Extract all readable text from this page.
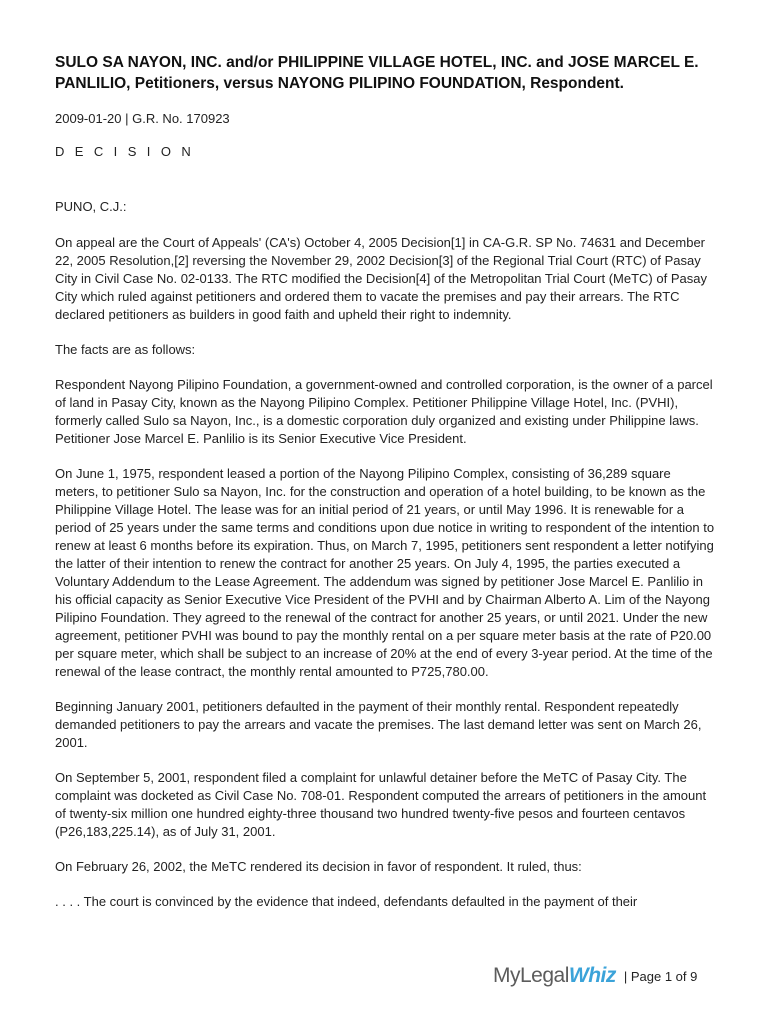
SULO SA NAYON, INC. and/or PHILIPPINE VILLAGE HOTEL, INC. and JOSE MARCEL E. PANLILIO, Petitioners, versus NAYONG PILIPINO FOUNDATION, Respondent.
2009-01-20 | G.R. No. 170923
D E C I S I O N
PUNO, C.J.:
On appeal are the Court of Appeals' (CA's) October 4, 2005 Decision[1] in CA-G.R. SP No. 74631 and December 22, 2005 Resolution,[2] reversing the November 29, 2002 Decision[3] of the Regional Trial Court (RTC) of Pasay City in Civil Case No. 02-0133. The RTC modified the Decision[4] of the Metropolitan Trial Court (MeTC) of Pasay City which ruled against petitioners and ordered them to vacate the premises and pay their arrears. The RTC declared petitioners as builders in good faith and upheld their right to indemnity.
The facts are as follows:
Respondent Nayong Pilipino Foundation, a government-owned and controlled corporation, is the owner of a parcel of land in Pasay City, known as the Nayong Pilipino Complex. Petitioner Philippine Village Hotel, Inc. (PVHI), formerly called Sulo sa Nayon, Inc., is a domestic corporation duly organized and existing under Philippine laws. Petitioner Jose Marcel E. Panlilio is its Senior Executive Vice President.
On June 1, 1975, respondent leased a portion of the Nayong Pilipino Complex, consisting of 36,289 square meters, to petitioner Sulo sa Nayon, Inc. for the construction and operation of a hotel building, to be known as the Philippine Village Hotel. The lease was for an initial period of 21 years, or until May 1996. It is renewable for a period of 25 years under the same terms and conditions upon due notice in writing to respondent of the intention to renew at least 6 months before its expiration. Thus, on March 7, 1995, petitioners sent respondent a letter notifying the latter of their intention to renew the contract for another 25 years. On July 4, 1995, the parties executed a Voluntary Addendum to the Lease Agreement. The addendum was signed by petitioner Jose Marcel E. Panlilio in his official capacity as Senior Executive Vice President of the PVHI and by Chairman Alberto A. Lim of the Nayong Pilipino Foundation. They agreed to the renewal of the contract for another 25 years, or until 2021. Under the new agreement, petitioner PVHI was bound to pay the monthly rental on a per square meter basis at the rate of P20.00 per square meter, which shall be subject to an increase of 20% at the end of every 3-year period. At the time of the renewal of the lease contract, the monthly rental amounted to P725,780.00.
Beginning January 2001, petitioners defaulted in the payment of their monthly rental. Respondent repeatedly demanded petitioners to pay the arrears and vacate the premises. The last demand letter was sent on March 26, 2001.
On September 5, 2001, respondent filed a complaint for unlawful detainer before the MeTC of Pasay City. The complaint was docketed as Civil Case No. 708-01. Respondent computed the arrears of petitioners in the amount of twenty-six million one hundred eighty-three thousand two hundred twenty-five pesos and fourteen centavos (P26,183,225.14), as of July 31, 2001.
On February 26, 2002, the MeTC rendered its decision in favor of respondent. It ruled, thus:
. . . . The court is convinced by the evidence that indeed, defendants defaulted in the payment of their
MyLegalWhiz | Page 1 of 9
